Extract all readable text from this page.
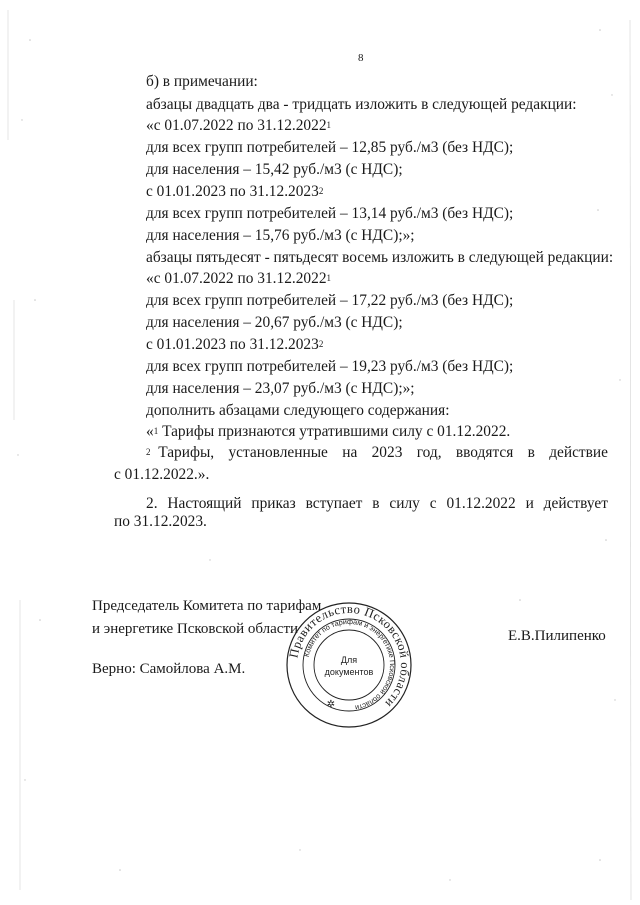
8
б) в примечании:
абзацы двадцать два - тридцать изложить в следующей редакции:
«с 01.07.2022 по 31.12.2022$^1$
для всех групп потребителей – 12,85 руб./м3 (без НДС);
для населения – 15,42 руб./м3 (с НДС);
с 01.01.2023 по 31.12.2023$^2$
для всех групп потребителей – 13,14 руб./м3 (без НДС);
для населения – 15,76 руб./м3 (с НДС);»;
абзацы пятьдесят - пятьдесят восемь изложить в следующей редакции:
«с 01.07.2022 по 31.12.2022$^1$
для всех групп потребителей – 17,22 руб./м3 (без НДС);
для населения – 20,67 руб./м3 (с НДС);
с 01.01.2023 по 31.12.2023$^2$
для всех групп потребителей – 19,23 руб./м3 (без НДС);
для населения – 23,07 руб./м3 (с НДС);»;
дополнить абзацами следующего содержания:
«$^1$ Тарифы признаются утратившими силу с 01.12.2022.
$^2$ Тарифы, установленные на 2023 год, вводятся в действие
с 01.12.2022.».
2. Настоящий приказ вступает в силу с 01.12.2022 и действует
по 31.12.2023.
Председатель Комитета по тарифам
и энергетике Псковской области	Е.В.Пилипенко
Верно: Самойлова А.М.
Правительство Псковской области
Комитет по тарифам и энергетике Псковской области
Для
документов
✲
